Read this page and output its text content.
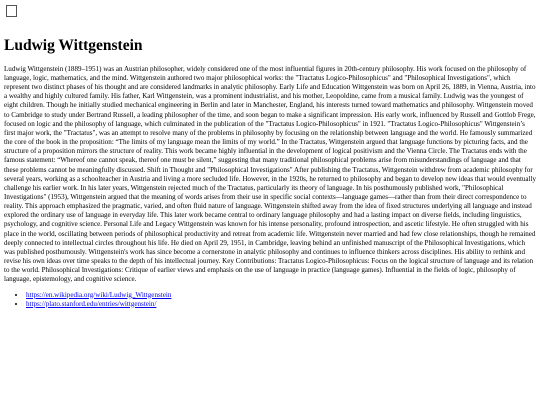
Ludwig Wittgenstein

Ludwig Wittgenstein (1889–1951) was an Austrian philosopher, widely considered one of the most influential figures in 20th-century philosophy. His work focused on the philosophy of language, logic, mathematics, and the mind. Wittgenstein authored two major philosophical works: the "Tractatus Logico-Philosophicus" and "Philosophical Investigations", which represent two distinct phases of his thought and are considered landmarks in analytic philosophy. Early Life and Education Wittgenstein was born on April 26, 1889, in Vienna, Austria, into a wealthy and highly cultured family. His father, Karl Wittgenstein, was a prominent industrialist, and his mother, Leopoldine, came from a musical family. Ludwig was the youngest of eight children. Though he initially studied mechanical engineering in Berlin and later in Manchester, England, his interests turned toward mathematics and philosophy. Wittgenstein moved to Cambridge to study under Bertrand Russell, a leading philosopher of the time, and soon began to make a significant impression. His early work, influenced by Russell and Gottlob Frege, focused on logic and the philosophy of language, which culminated in the publication of the "Tractatus Logico-Philosophicus" in 1921. "Tractatus Logico-Philosophicus" Wittgenstein’s first major work, the "Tractatus", was an attempt to resolve many of the problems in philosophy by focusing on the relationship between language and the world. He famously summarized the core of the book in the proposition: “The limits of my language mean the limits of my world.” In the Tractatus, Wittgenstein argued that language functions by picturing facts, and the structure of a proposition mirrors the structure of reality. This work became highly influential in the development of logical positivism and the Vienna Circle. The Tractatus ends with the famous statement: “Whereof one cannot speak, thereof one must be silent,” suggesting that many traditional philosophical problems arise from misunderstandings of language and that these problems cannot be meaningfully discussed. Shift in Thought and "Philosophical Investigations" After publishing the Tractatus, Wittgenstein withdrew from academic philosophy for several years, working as a schoolteacher in Austria and living a more secluded life. However, in the 1920s, he returned to philosophy and began to develop new ideas that would eventually challenge his earlier work. In his later years, Wittgenstein rejected much of the Tractatus, particularly its theory of language. In his posthumously published work, "Philosophical Investigations" (1953), Wittgenstein argued that the meaning of words arises from their use in specific social contexts—language games—rather than from their direct correspondence to reality. This approach emphasized the pragmatic, varied, and often fluid nature of language. Wittgenstein shifted away from the idea of fixed structures underlying all language and instead explored the ordinary use of language in everyday life. This later work became central to ordinary language philosophy and had a lasting impact on diverse fields, including linguistics, psychology, and cognitive science. Personal Life and Legacy Wittgenstein was known for his intense personality, profound introspection, and ascetic lifestyle. He often struggled with his place in the world, oscillating between periods of philosophical productivity and retreat from academic life. Wittgenstein never married and had few close relationships, though he remained deeply connected to intellectual circles throughout his life. He died on April 29, 1951, in Cambridge, leaving behind an unfinished manuscript of the Philosophical Investigations, which was published posthumously. Wittgenstein's work has since become a cornerstone in analytic philosophy and continues to influence thinkers across disciplines. His ability to rethink and revise his own ideas over time speaks to the depth of his intellectual journey. Key Contributions: Tractatus Logico-Philosophicus: Focus on the logical structure of language and its relation to the world. Philosophical Investigations: Critique of earlier views and emphasis on the use of language in practice (language games). Influential in the fields of logic, philosophy of language, epistemology, and cognitive science.

• https://en.wikipedia.org/wiki/Ludwig_Wittgenstein
• https://plato.stanford.edu/entries/wittgenstein/
